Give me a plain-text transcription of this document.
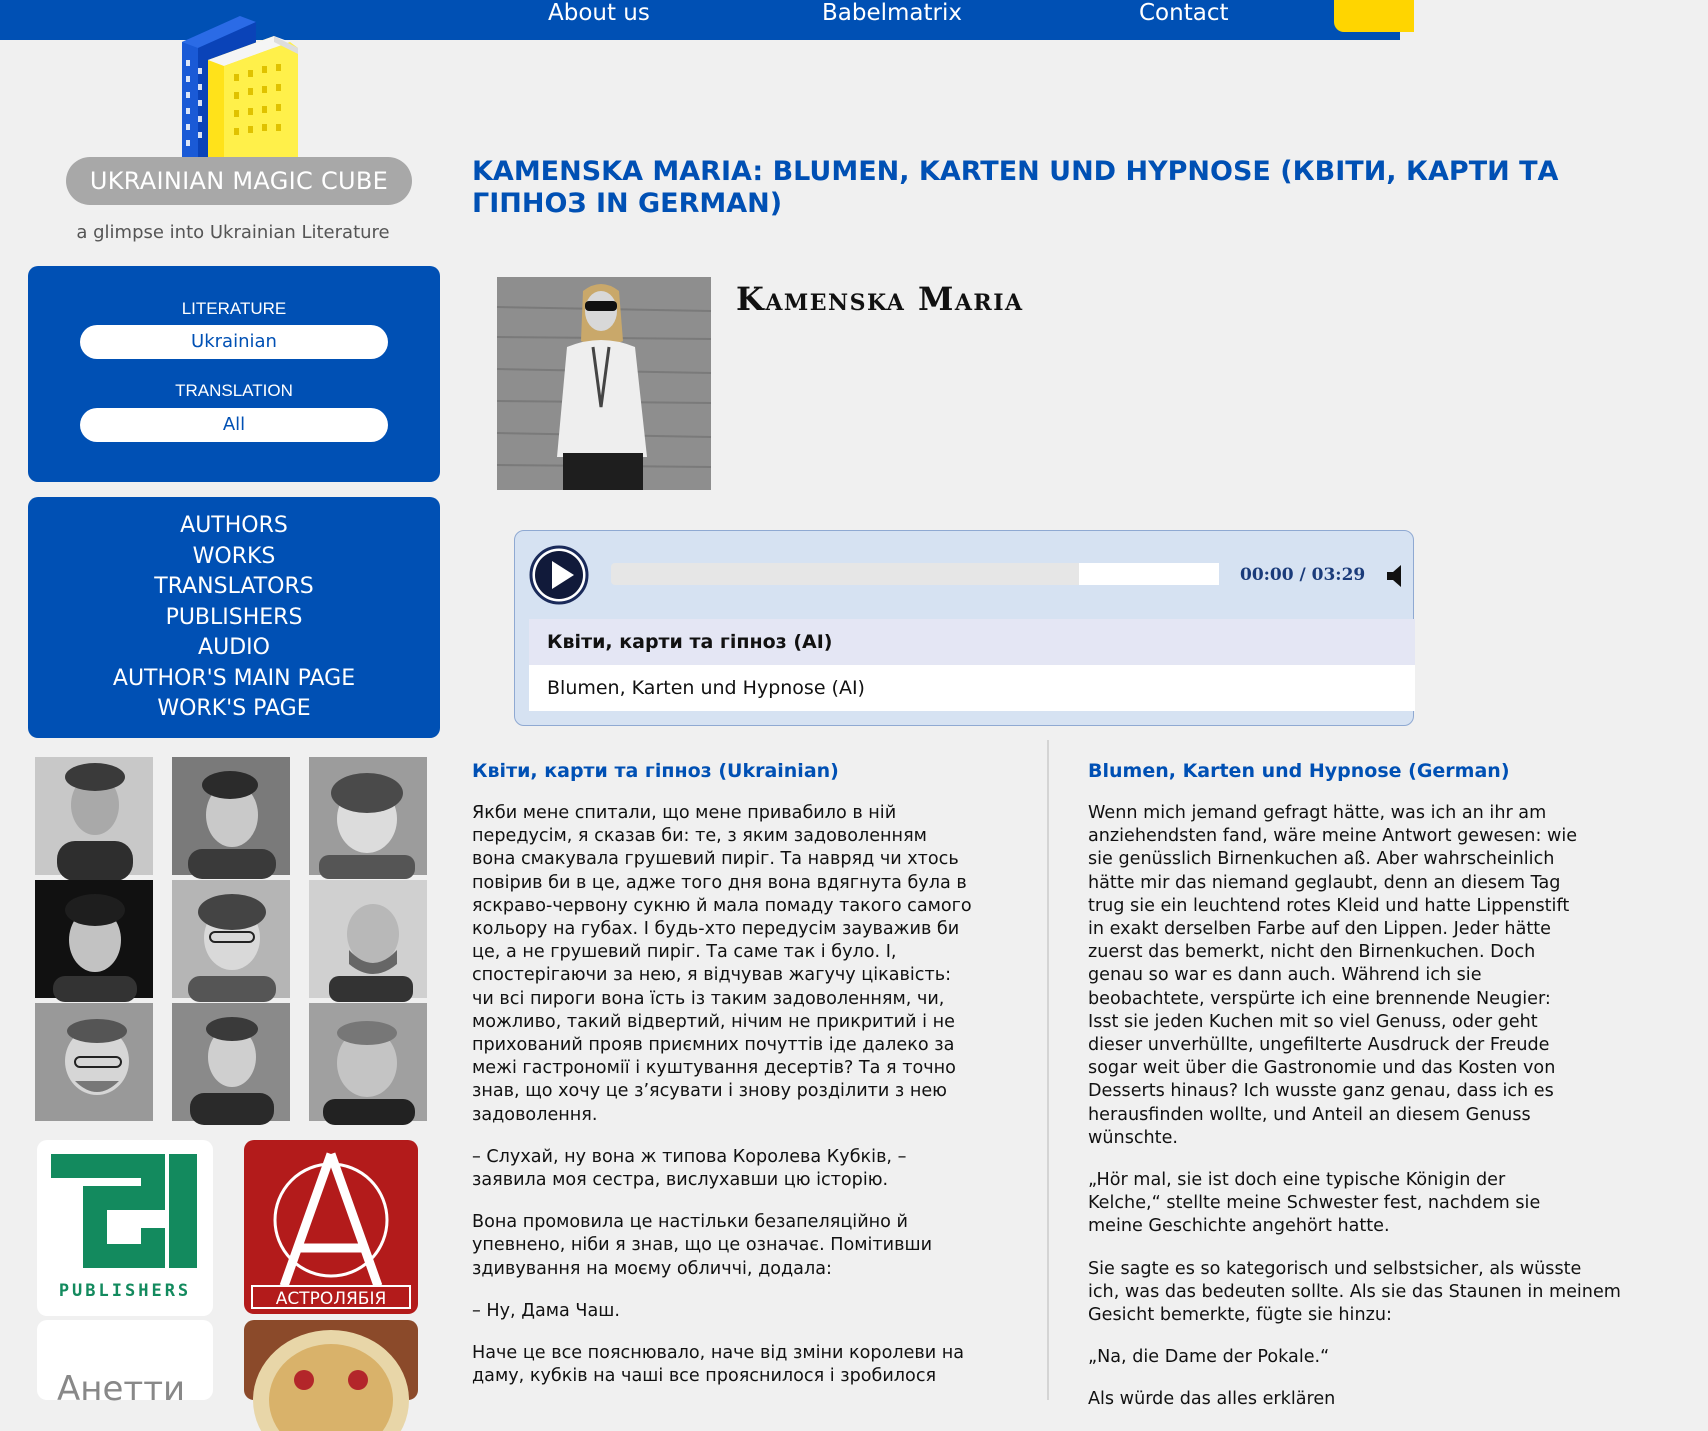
About us	Babelmatrix	Contact
UKRAINIAN MAGIC CUBE
a glimpse into Ukrainian Literature
LITERATURE
Ukrainian
TRANSLATION
All
AUTHORS
WORKS
TRANSLATORS
PUBLISHERS
AUDIO
AUTHOR'S MAIN PAGE
WORK'S PAGE
PUBLISHERS	АСТРОЛЯБІЯ
Анетти
KAMENSKA MARIA: BLUMEN, KARTEN UND HYPNOSE (КВІТИ, КАРТИ ТА
ГІПНОЗ IN GERMAN)
Kamenska Maria
00:00 / 03:29
Квіти, карти та гіпноз (AI)
Blumen, Karten und Hypnose (AI)
Квіти, карти та гіпноз (Ukrainian)

Якби мене спитали, що мене привабило в ній
передусім, я сказав би: те, з яким задоволенням
вона смакувала грушевий пиріг. Та навряд чи хтось
повірив би в це, адже того дня вона вдягнута була в
яскраво-червону сукню й мала помаду такого самого
кольору на губах. І будь-хто передусім зауважив би
це, а не грушевий пиріг. Та саме так і було. І,
спостерігаючи за нею, я відчував жагучу цікавість:
чи всі пироги вона їсть із таким задоволенням, чи,
можливо, такий відвертий, нічим не прикритий і не
прихований прояв приємних почуттів іде далеко за
межі гастрономії і куштування десертів? Та я точно
знав, що хочу це з’ясувати і знову розділити з нею
задоволення.

– Слухай, ну вона ж типова Королева Кубків, –
заявила моя сестра, вислухавши цю історію.

Вона промовила це настільки безапеляційно й
упевнено, ніби я знав, що це означає. Помітивши
здивування на моєму обличчі, додала:

– Ну, Дама Чаш.

Наче це все пояснювало, наче від зміни королеви на
даму, кубків на чаші все прояснилося і зробилося

Blumen, Karten und Hypnose (German)

Wenn mich jemand gefragt hätte, was ich an ihr am
anziehendsten fand, wäre meine Antwort gewesen: wie
sie genüsslich Birnenkuchen aß. Aber wahrscheinlich
hätte mir das niemand geglaubt, denn an diesem Tag
trug sie ein leuchtend rotes Kleid und hatte Lippenstift
in exakt derselben Farbe auf den Lippen. Jeder hätte
zuerst das bemerkt, nicht den Birnenkuchen. Doch
genau so war es dann auch. Während ich sie
beobachtete, verspürte ich eine brennende Neugier:
Isst sie jeden Kuchen mit so viel Genuss, oder geht
dieser unverhüllte, ungefilterte Ausdruck der Freude
sogar weit über die Gastronomie und das Kosten von
Desserts hinaus? Ich wusste ganz genau, dass ich es
herausfinden wollte, und Anteil an diesem Genuss
wünschte.

„Hör mal, sie ist doch eine typische Königin der
Kelche,“ stellte meine Schwester fest, nachdem sie
meine Geschichte angehört hatte.

Sie sagte es so kategorisch und selbstsicher, als wüsste
ich, was das bedeuten sollte. Als sie das Staunen in meinem
Gesicht bemerkte, fügte sie hinzu:

„Na, die Dame der Pokale.“

Als würde das alles erklären
